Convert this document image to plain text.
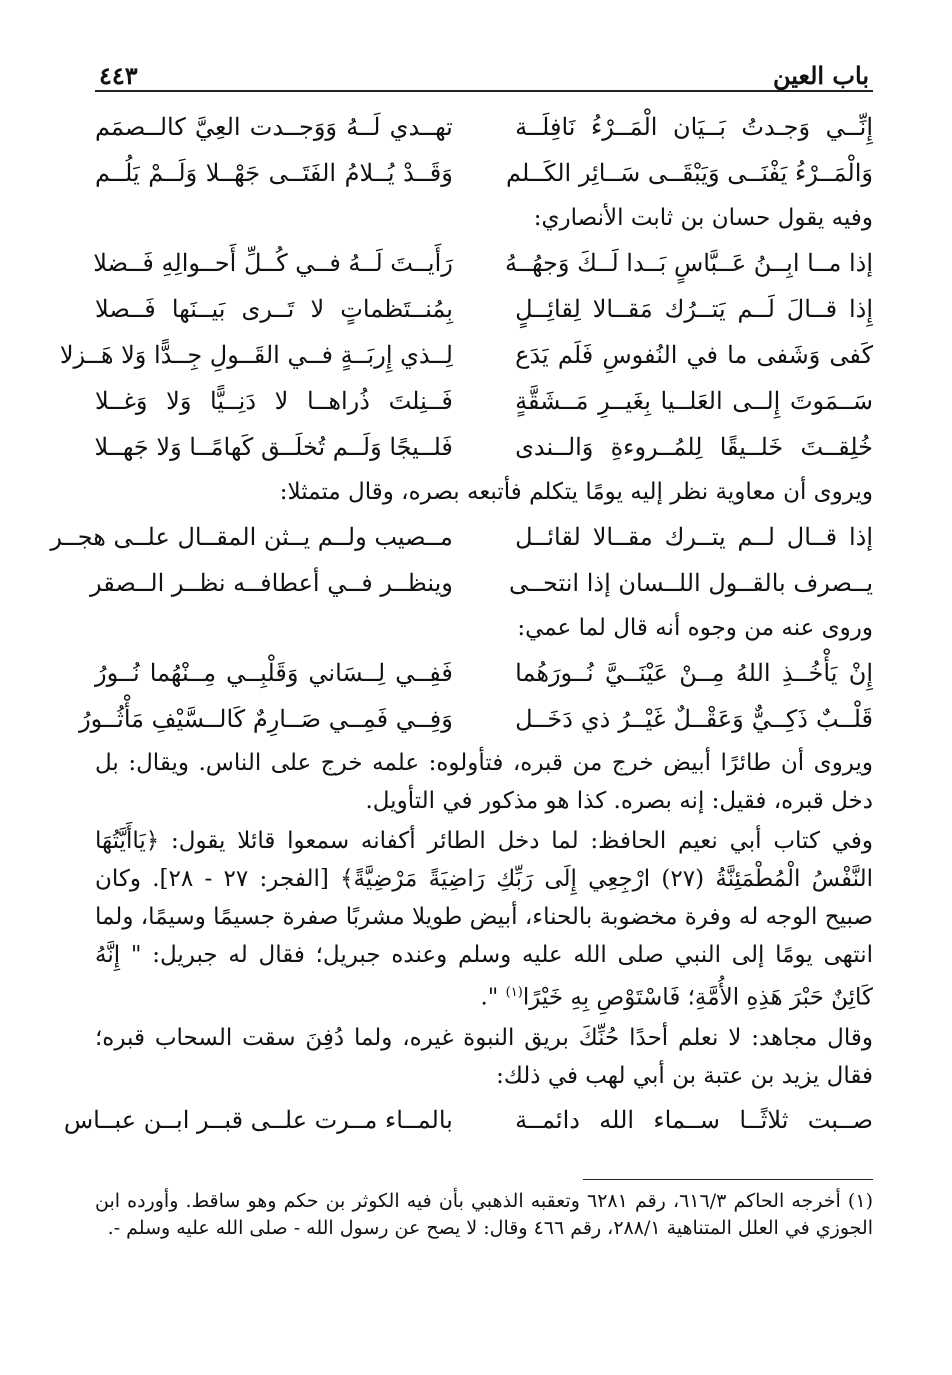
باب العين
٤٤٣
إِنِّــي وَجـدتُ بَــيَان الْمَــرْءُ نَافِلَــة
تهــدي لَــهُ وَوَجــدت العِيَّ كالــصمَم
وَالْمَــرْءُ يَفْنَــى وَيَبْقَــى سَــائِر الكَــلم
وَقَــدْ يُــلامُ الفَتَــى جَهْــلا وَلَــمْ يَلُــم
وفيه يقول حسان بن ثابت الأنصاري:
إذا مــا ابِــنُ عَــبَّاسٍ بَــدا لَــكَ وَجهُــهُ
رَأَيــتَ لَــهُ فــي كُــلِّ أَحــوالِهِ فَــضلا
إِذا قــالَ لَــم يَتــرُك مَقــالا لِقائِــلٍ
بِمُنــتَظماتٍ لا تَــرى بَيــنَها فَــصلا
كَفى وَشَفى ما في النُفوسِ فَلَم يَدَع
لِــذي إِربَــةٍ فــي القَــولِ جِــدًّا وَلا هَــزلا
سَــمَوتَ إِلــى العَلــيا بِغَيــرِ مَــشَقَّةٍ
فَــنِلتَ ذُراهــا لا دَنِــيًّا وَلا وَغــلا
خُلِقــتَ خَلــيقًا لِلمُــروءةِ وَالــندى
فَلــيجًا وَلَــم تُخلَــق كَهامًــا وَلا جَهــلا
ويروى أن معاوية نظر إليه يومًا يتكلم فأتبعه بصره، وقال متمثلا:
إذا قــال لــم يتــرك مقــالا لقائــل
مــصيب ولــم يــثن المقــال علــى هجــر
يــصرف بالقــول اللــسان إذا انتحــى
وينظــر فــي أعطافــه نظــر الــصقر
وروى عنه من وجوه أنه قال لما عمي:
إِنْ يَأْخُــذِ اللهُ مِــنْ عَيْنَــيَّ نُــورَهُما
فَفِــي لِــسَاني وَقَلْبِــي مِــنْهُما نُــورُ
قَلْــبٌ ذَكِــيٌّ وَعَقْــلٌ غَيْــرُ ذي دَخَــل
وَفِــي فَمِــي صَــارِمٌ كَالــسَّيْفِ مَأْثُــورُ

ويروى أن طائرًا أبيض خرج من قبره، فتأولوه: علمه خرج على الناس. ويقال: بل دخل قبره، فقيل: إنه بصره. كذا هو مذكور في التأويل.

وفي كتاب أبي نعيم الحافظ: لما دخل الطائر أكفانه سمعوا قائلا يقول: ﴿يَاأَيَّتُهَا النَّفْسُ الْمُطْمَئِنَّةُ (٢٧) ارْجِعِي إِلَى رَبِّكِ رَاضِيَةً مَرْضِيَّةً﴾ [الفجر: ٢٧ - ٢٨]. وكان صبيح الوجه له وفرة مخضوبة بالحناء، أبيض طويلا مشربًا صفرة جسيمًا وسيمًا، ولما انتهى يومًا إلى النبي صلى الله عليه وسلم وعنده جبريل؛ فقال له جبريل: " إِنَّهُ كَائِنٌ حَبْرَ هَذِهِ الأُمَّةِ؛ فَاسْتَوْصِ بِهِ خَيْرًا$^{(١)}$ ".

وقال مجاهد: لا نعلم أحدًا حُنِّكَ بريق النبوة غيره، ولما دُفِنَ سقت السحاب قبره؛ فقال يزيد بن عتبة بن أبي لهب في ذلك:

صــبت ثلاثًــا ســماء الله دائمــة
بالمــاء مــرت علــى قبــر ابــن عبــاس

(١) أخرجه الحاكم ٦١٦/٣، رقم ٦٢٨١ وتعقبه الذهبي بأن فيه الكوثر بن حكم وهو ساقط. وأورده ابن الجوزي في العلل المتناهية ٢٨٨/١، رقم ٤٦٦ وقال: لا يصح عن رسول الله - صلى الله عليه وسلم -.
